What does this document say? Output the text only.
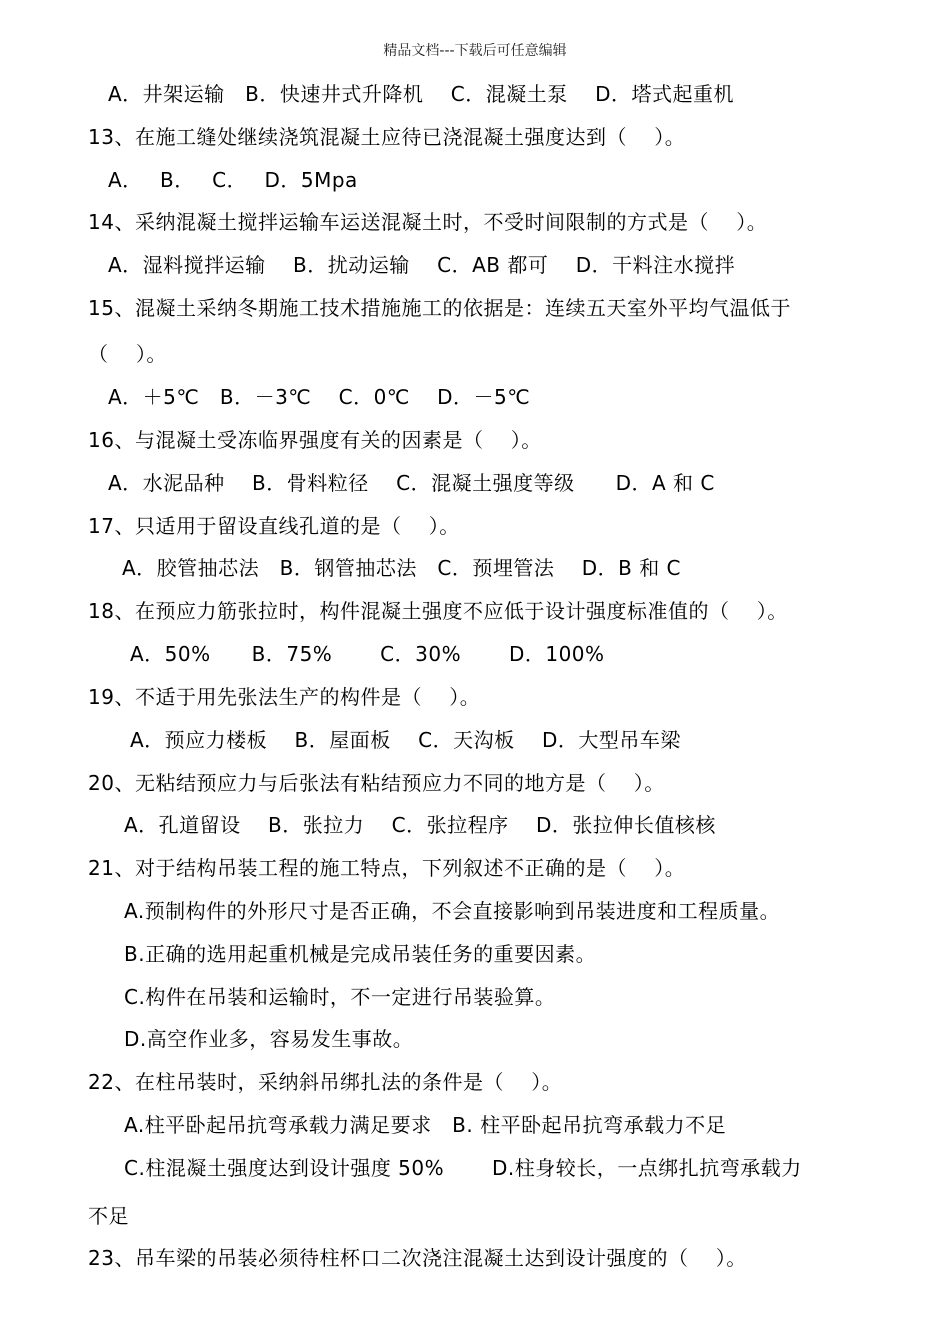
精品文档---下载后可任意编辑
A．井架运输　B．快速井式升降机　 C．混凝土泵　 D．塔式起重机
13、在施工缝处继续浇筑混凝土应待已浇混凝土强度达到（　 ）。
A．　 B．　 C．　 D．5Mpa
14、采纳混凝土搅拌运输车运送混凝土时，不受时间限制的方式是（　 ）。
A．湿料搅拌运输　 B．扰动运输　 C．AB 都可　 D．干料注水搅拌
15、混凝土采纳冬期施工技术措施施工的依据是：连续五天室外平均气温低于
（　 ）。
A．＋5℃　B．－3℃　 C．0℃　 D．－5℃
16、与混凝土受冻临界强度有关的因素是（　 ）。
A．水泥品种　 B．骨料粒径　 C．混凝土强度等级　　D．A 和 C
17、只适用于留设直线孔道的是（　 ）。
A．胶管抽芯法　B．钢管抽芯法　C．预埋管法　 D．B 和 C
18、在预应力筋张拉时，构件混凝土强度不应低于设计强度标准值的（　 ）。
A．50%　　B．75%　　 C．30%　　 D．100%
19、不适于用先张法生产的构件是（　 ）。
A．预应力楼板　 B．屋面板　 C．天沟板　 D．大型吊车梁
20、无粘结预应力与后张法有粘结预应力不同的地方是（　 ）。
A．孔道留设　 B．张拉力　 C．张拉程序　 D．张拉伸长值核核
21、对于结构吊装工程的施工特点，下列叙述不正确的是（　 ）。
A.预制构件的外形尺寸是否正确，不会直接影响到吊装进度和工程质量。
B.正确的选用起重机械是完成吊装任务的重要因素。
C.构件在吊装和运输时，不一定进行吊装验算。
D.高空作业多，容易发生事故。
22、在柱吊装时，采纳斜吊绑扎法的条件是（　 ）。
A.柱平卧起吊抗弯承载力满足要求　B. 柱平卧起吊抗弯承载力不足
C.柱混凝土强度达到设计强度 50%　　 D.柱身较长，一点绑扎抗弯承载力
不足
23、吊车梁的吊装必须待柱杯口二次浇注混凝土达到设计强度的（　 ）。
